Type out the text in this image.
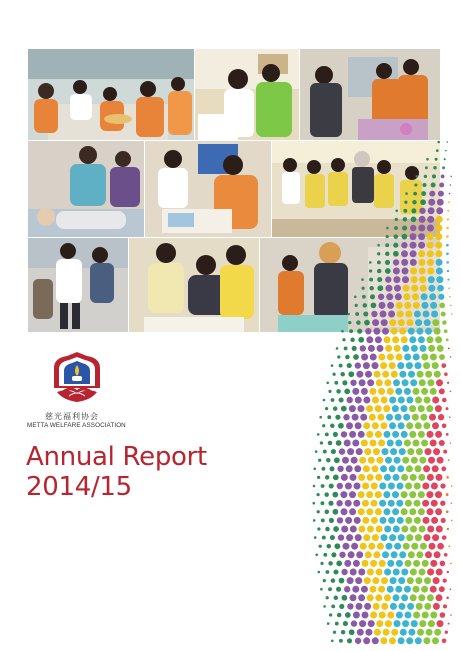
慈光福利协会
METTA WELFARE ASSOCIATION
Annual Report
2014/15
